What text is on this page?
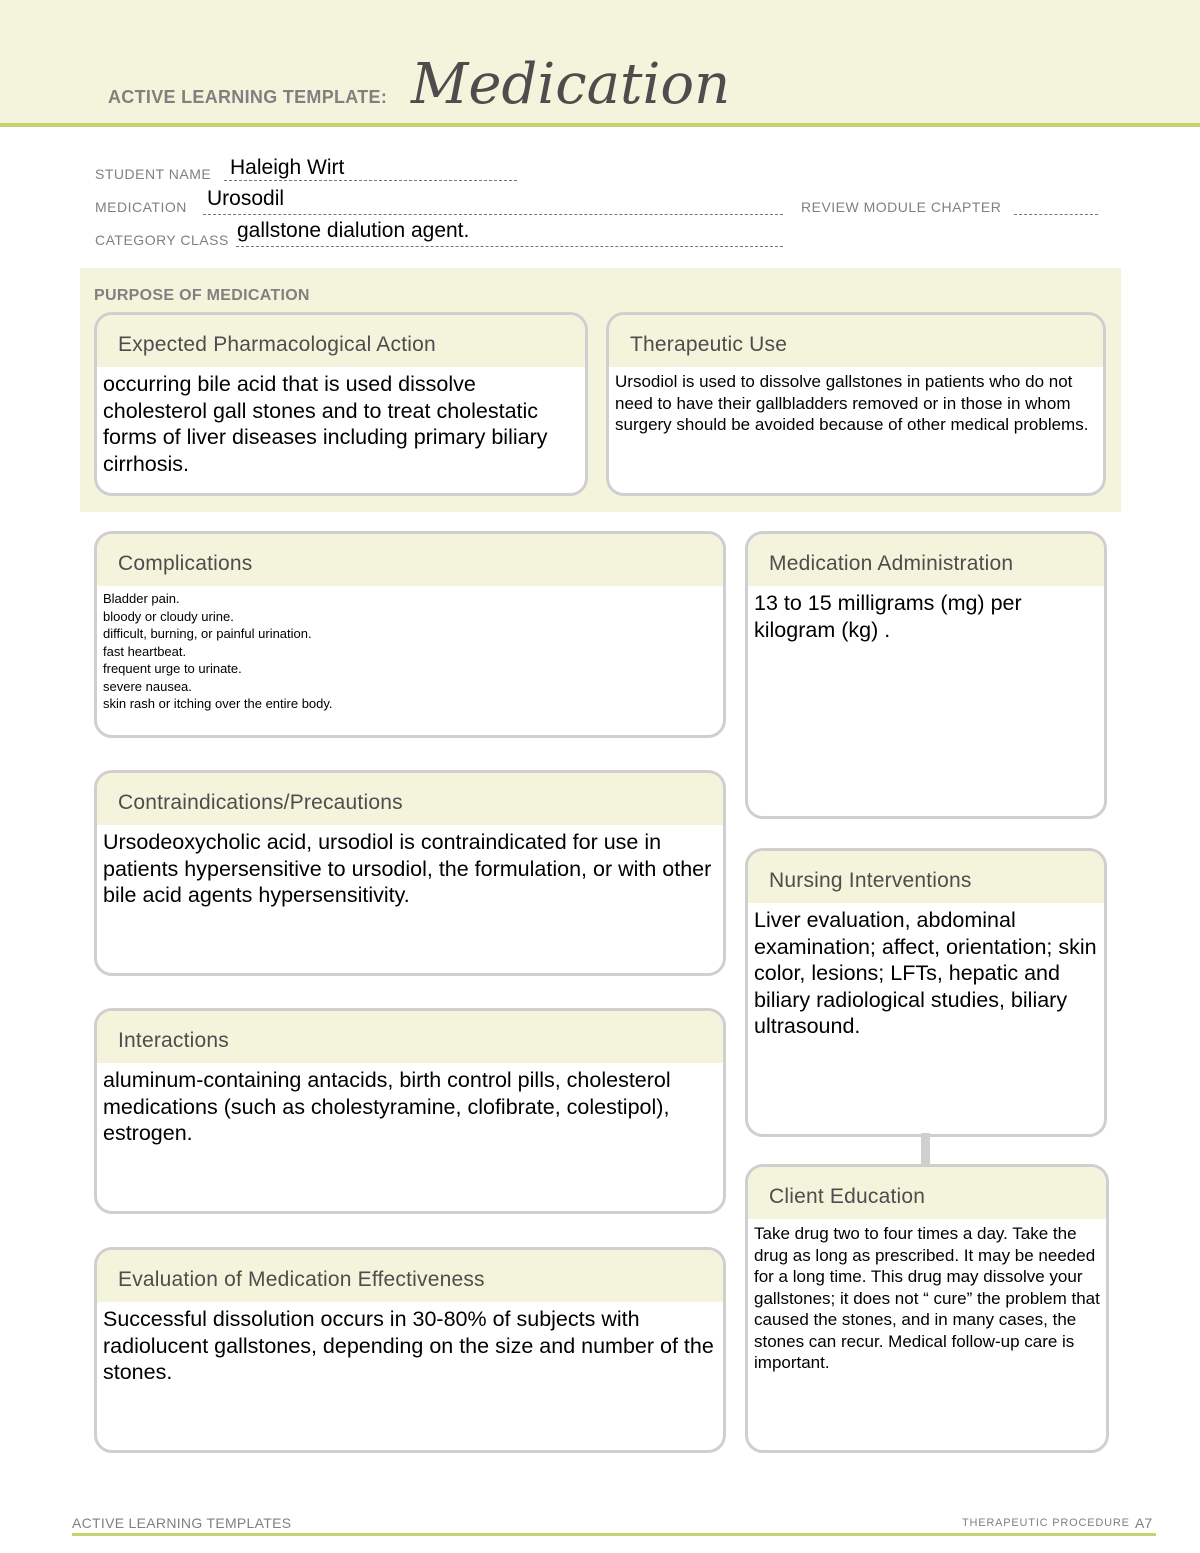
ACTIVE LEARNING TEMPLATE: Medication
STUDENT NAME Haleigh Wirt
MEDICATION Urosodil	REVIEW MODULE CHAPTER
CATEGORY CLASS gallstone dialution agent.
PURPOSE OF MEDICATION
Expected Pharmacological Action
occurring bile acid that is used dissolve cholesterol gall stones and to treat cholestatic forms of liver diseases including primary biliary cirrhosis.
Therapeutic Use
Ursodiol is used to dissolve gallstones in patients who do not need to have their gallbladders removed or in those in whom surgery should be avoided because of other medical problems.
Complications
Bladder pain.
bloody or cloudy urine.
difficult, burning, or painful urination.
fast heartbeat.
frequent urge to urinate.
severe nausea.
skin rash or itching over the entire body.
Contraindications/Precautions
Ursodeoxycholic acid, ursodiol is contraindicated for use in patients hypersensitive to ursodiol, the formulation, or with other bile acid agents hypersensitivity.
Interactions
aluminum-containing antacids, birth control pills, cholesterol medications (such as cholestyramine, clofibrate, colestipol), estrogen.
Evaluation of Medication Effectiveness
Successful dissolution occurs in 30-80% of subjects with radiolucent gallstones, depending on the size and number of the stones.
Medication Administration
13 to 15 milligrams (mg) per kilogram (kg) .
Nursing Interventions
Liver evaluation, abdominal examination; affect, orientation; skin color, lesions; LFTs, hepatic and biliary radiological studies, biliary ultrasound.
Client Education
Take drug two to four times a day. Take the drug as long as prescribed. It may be needed for a long time. This drug may dissolve your gallstones; it does not “ cure” the problem that caused the stones, and in many cases, the stones can recur. Medical follow-up care is important.
ACTIVE LEARNING TEMPLATES	THERAPEUTIC PROCEDURE A7
